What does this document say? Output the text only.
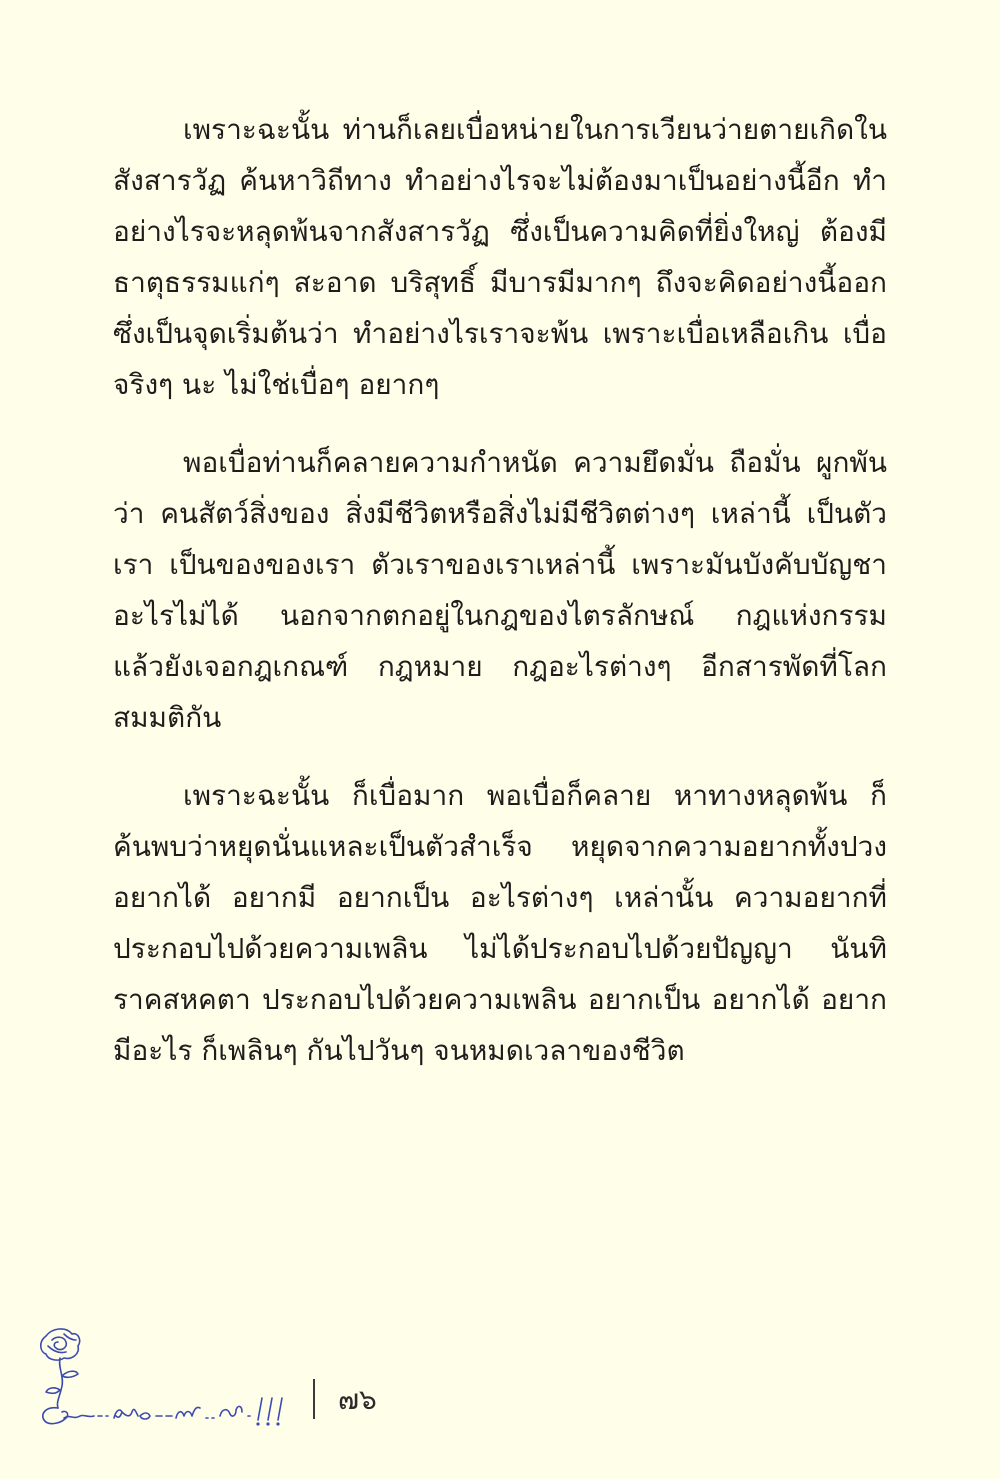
เพราะฉะนั้น ท่านก็เลยเบื่อหน่ายในการเวียนว่ายตายเกิดใน
สังสารวัฏ ค้นหาวิถีทาง ทำอย่างไรจะไม่ต้องมาเป็นอย่างนี้อีก ทำ
อย่างไรจะหลุดพ้นจากสังสารวัฏ ซึ่งเป็นความคิดที่ยิ่งใหญ่ ต้องมี
ธาตุธรรมแก่ๆ สะอาด บริสุทธิ์ มีบารมีมากๆ ถึงจะคิดอย่างนี้ออก
ซึ่งเป็นจุดเริ่มต้นว่า ทำอย่างไรเราจะพ้น เพราะเบื่อเหลือเกิน เบื่อ
จริงๆ นะ ไม่ใช่เบื่อๆ อยากๆ
พอเบื่อท่านก็คลายความกำหนัด ความยึดมั่น ถือมั่น ผูกพัน
ว่า คนสัตว์สิ่งของ สิ่งมีชีวิตหรือสิ่งไม่มีชีวิตต่างๆ เหล่านี้ เป็นตัว
เรา เป็นของของเรา ตัวเราของเราเหล่านี้ เพราะมันบังคับบัญชา
อะไรไม่ได้ นอกจากตกอยู่ในกฎของไตรลักษณ์ กฎแห่งกรรม
แล้วยังเจอกฎเกณฑ์ กฎหมาย กฎอะไรต่างๆ อีกสารพัดที่โลก
สมมติกัน
เพราะฉะนั้น ก็เบื่อมาก พอเบื่อก็คลาย หาทางหลุดพ้น ก็
ค้นพบว่าหยุดนั่นแหละเป็นตัวสำเร็จ หยุดจากความอยากทั้งปวง
อยากได้ อยากมี อยากเป็น อะไรต่างๆ เหล่านั้น ความอยากที่
ประกอบไปด้วยความเพลิน ไม่ได้ประกอบไปด้วยปัญญา นันทิ
ราคสหคตา ประกอบไปด้วยความเพลิน อยากเป็น อยากได้ อยาก
มีอะไร ก็เพลินๆ กันไปวันๆ จนหมดเวลาของชีวิต
๗๖
